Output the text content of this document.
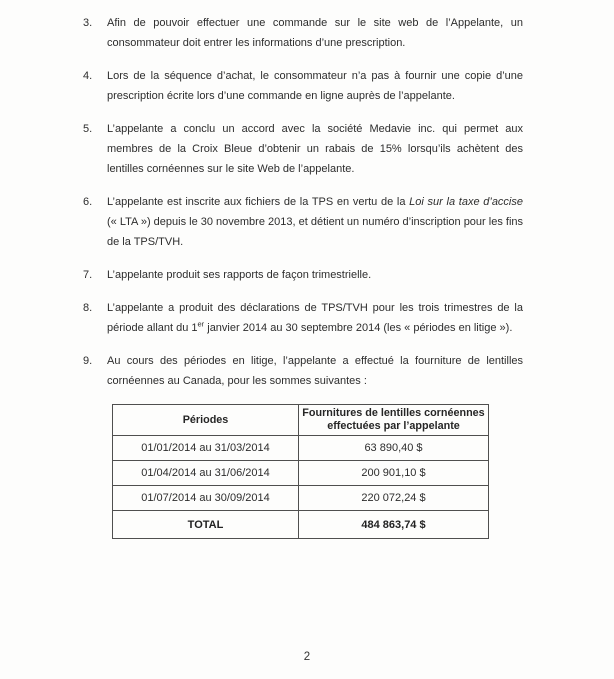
3.	Afin de pouvoir effectuer une commande sur le site web de l’Appelante, un consommateur doit entrer les informations d’une prescription.
4.	Lors de la séquence d’achat, le consommateur n’a pas à fournir une copie d’une prescription écrite lors d’une commande en ligne auprès de l’appelante.
5.	L’appelante a conclu un accord avec la société Medavie inc. qui permet aux membres de la Croix Bleue d’obtenir un rabais de 15% lorsqu’ils achètent des lentilles cornéennes sur le site Web de l’appelante.
6.	L’appelante est inscrite aux fichiers de la TPS en vertu de la Loi sur la taxe d’accise (« LTA ») depuis le 30 novembre 2013, et détient un numéro d’inscription pour les fins de la TPS/TVH.
7.	L’appelante produit ses rapports de façon trimestrielle.
8.	L’appelante a produit des déclarations de TPS/TVH pour les trois trimestres de la période allant du 1er janvier 2014 au 30 septembre 2014 (les « périodes en litige »).
9.	Au cours des périodes en litige, l’appelante a effectué la fourniture de lentilles cornéennes au Canada, pour les sommes suivantes :
Périodes	Fournitures de lentilles cornéennes effectuées par l’appelante
01/01/2014 au 31/03/2014	63 890,40 $
01/04/2014 au 31/06/2014	200 901,10 $
01/07/2014 au 30/09/2014	220 072,24 $
TOTAL	484 863,74 $
2
